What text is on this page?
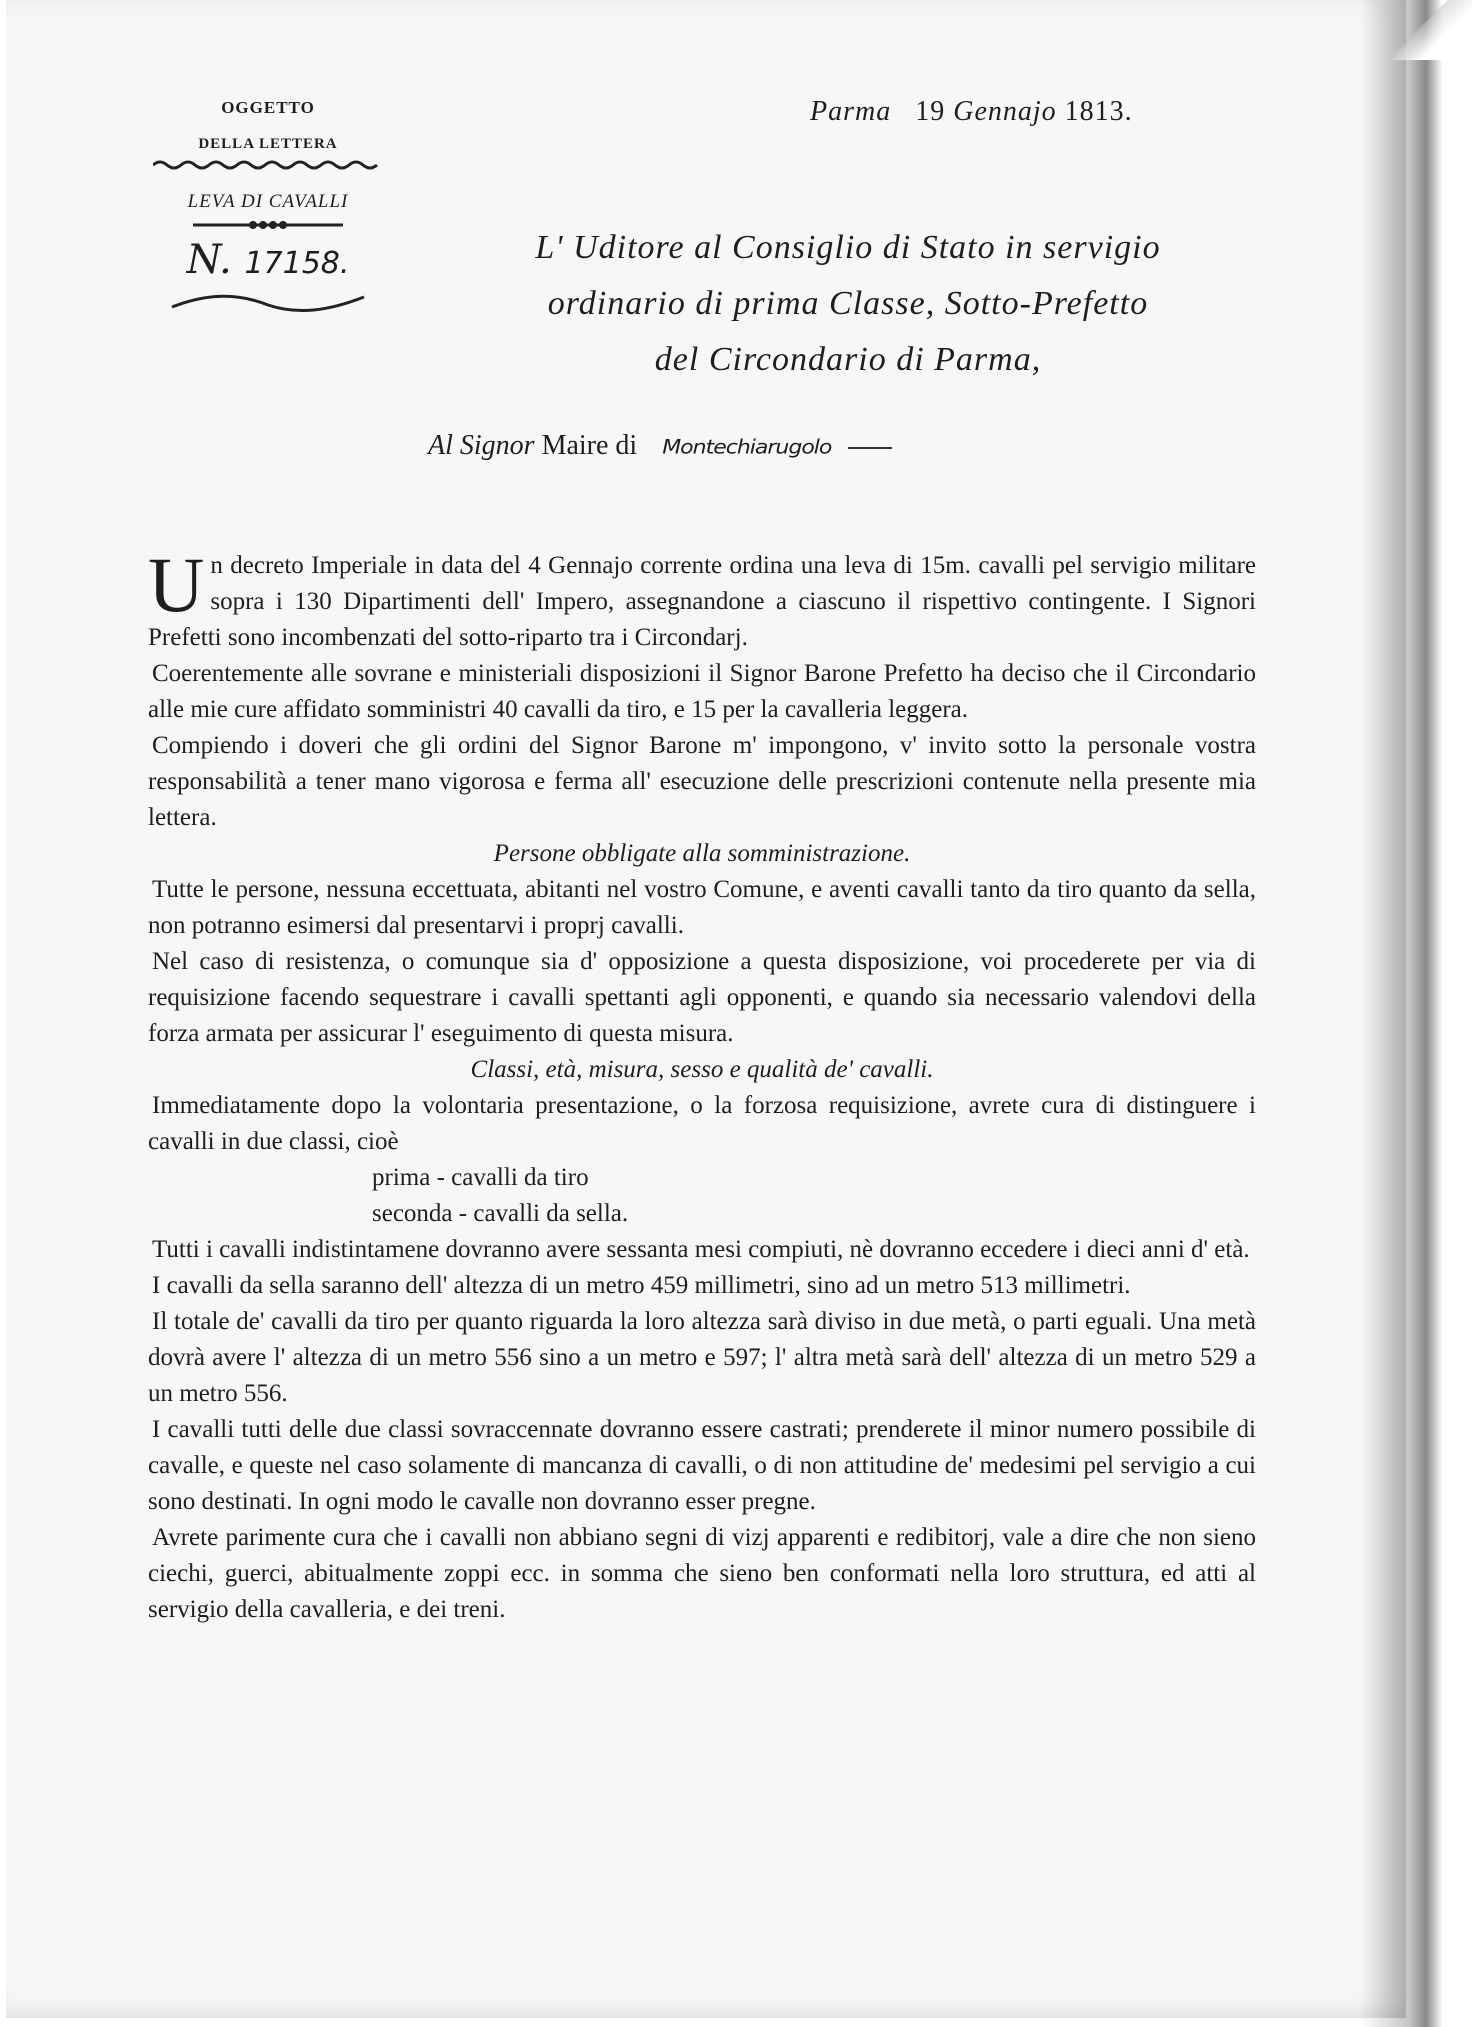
OGGETTO
DELLA LETTERA
LEVA DI CAVALLI
N. 17158.
Parma 19 Gennajo 1813.
L' Uditore al Consiglio di Stato in servigio
ordinario di prima Classe, Sotto-Prefetto
del Circondario di Parma,
Al Signor Maire di Montechiarugolo

Un decreto Imperiale in data del 4 Gennajo corrente ordina una leva di 15m. cavalli pel servigio militare sopra i 130 Dipartimenti dell' Impero, assegnandone a ciascuno il rispettivo contingente. I Signori Prefetti sono incombenzati del sotto-riparto tra i Circondarj.

Coerentemente alle sovrane e ministeriali disposizioni il Signor Barone Prefetto ha deciso che il Circondario alle mie cure affidato somministri 40 cavalli da tiro, e 15 per la cavalleria leggera.

Compiendo i doveri che gli ordini del Signor Barone m' impongono, v' invito sotto la personale vostra responsabilità a tener mano vigorosa e ferma all' esecuzione delle prescrizioni contenute nella presente mia lettera.

Persone obbligate alla somministrazione.

Tutte le persone, nessuna eccettuata, abitanti nel vostro Comune, e aventi cavalli tanto da tiro quanto da sella, non potranno esimersi dal presentarvi i proprj cavalli.

Nel caso di resistenza, o comunque sia d' opposizione a questa disposizione, voi procederete per via di requisizione facendo sequestrare i cavalli spettanti agli opponenti, e quando sia necessario valendovi della forza armata per assicurar l' eseguimento di questa misura.

Classi, età, misura, sesso e qualità de' cavalli.

Immediatamente dopo la volontaria presentazione, o la forzosa requisizione, avrete cura di distinguere i cavalli in due classi, cioè

prima - cavalli da tiro

seconda - cavalli da sella.

Tutti i cavalli indistintamene dovranno avere sessanta mesi compiuti, nè dovranno eccedere i dieci anni d' età.

I cavalli da sella saranno dell' altezza di un metro 459 millimetri, sino ad un metro 513 millimetri.

Il totale de' cavalli da tiro per quanto riguarda la loro altezza sarà diviso in due metà, o parti eguali. Una metà dovrà avere l' altezza di un metro 556 sino a un metro e 597; l' altra metà sarà dell' altezza di un metro 529 a un metro 556.

I cavalli tutti delle due classi sovraccennate dovranno essere castrati; prenderete il minor numero possibile di cavalle, e queste nel caso solamente di mancanza di cavalli, o di non attitudine de' medesimi pel servigio a cui sono destinati. In ogni modo le cavalle non dovranno esser pregne.

Avrete parimente cura che i cavalli non abbiano segni di vizj apparenti e redibitorj, vale a dire che non sieno ciechi, guerci, abitualmente zoppi ecc. in somma che sieno ben conformati nella loro struttura, ed atti al servigio della cavalleria, e dei treni.
